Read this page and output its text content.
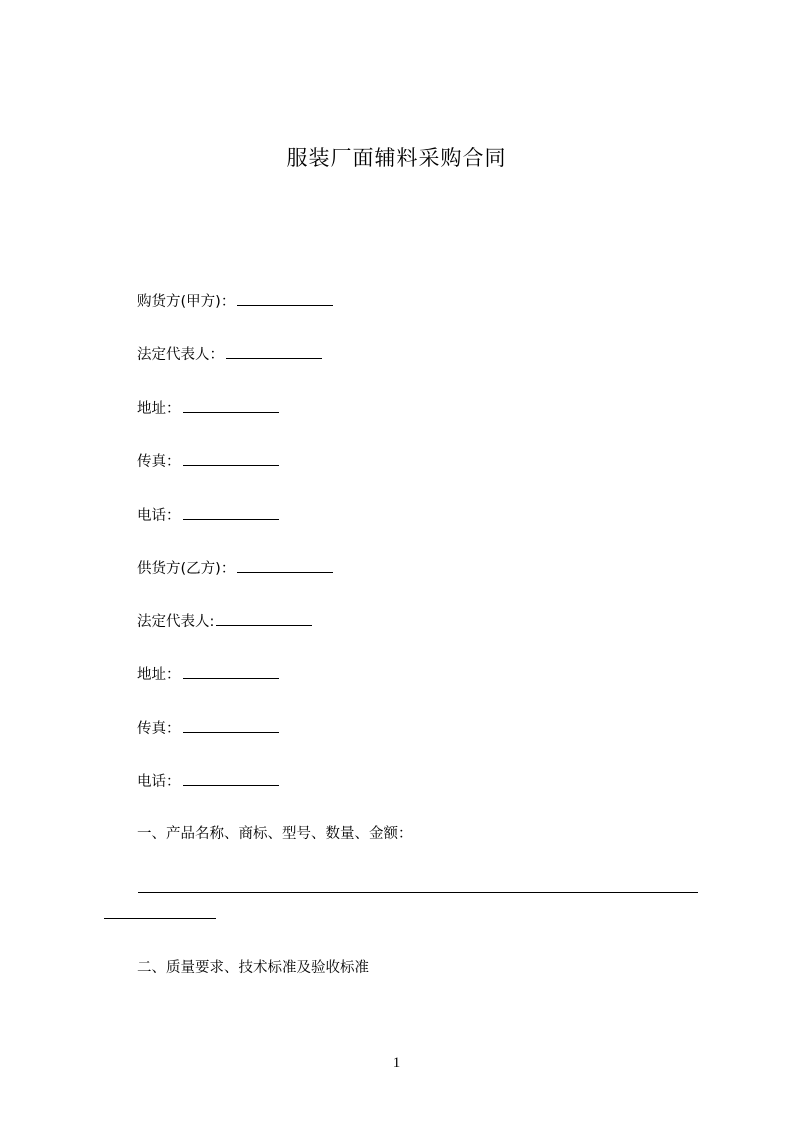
服装厂面辅料采购合同
购货方(甲方)：
法定代表人：
地址：
传真：
电话：
供货方(乙方)：
法定代表人:
地址：
传真：
电话：
一、产品名称、商标、型号、数量、金额：
二、质量要求、技术标准及验收标准
1
